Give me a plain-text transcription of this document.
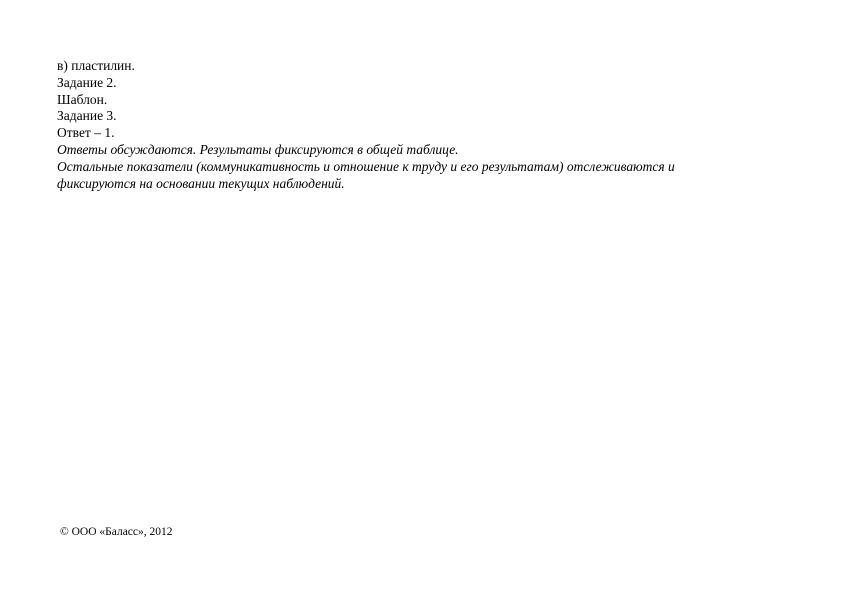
в) пластилин.

Задание 2.

Шаблон.

Задание 3.

Ответ – 1.

Ответы обсуждаются. Результаты фиксируются в общей таблице.

Остальные показатели (коммуникативность и отношение к труду и его результатам) отслеживаются и

фиксируются на основании текущих наблюдений.

© ООО «Баласс», 2012
